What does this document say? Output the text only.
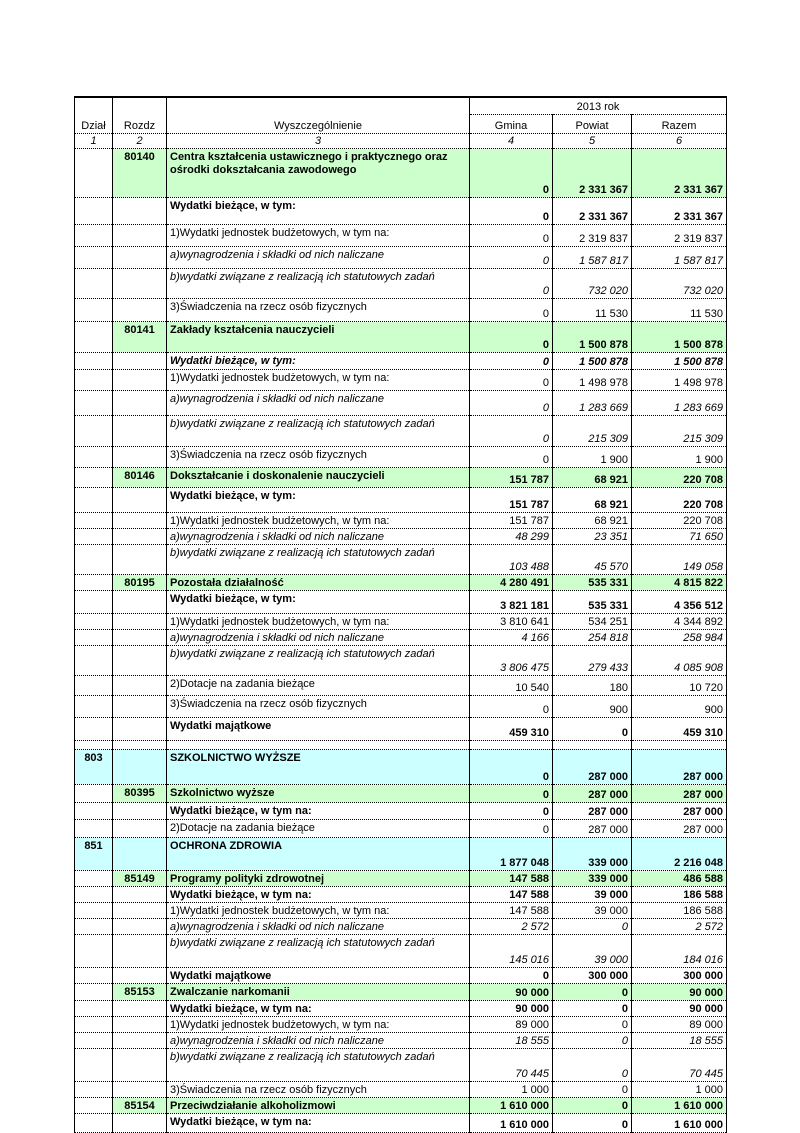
			2013 rok		
Dział	Rozdz	Wyszczególnienie	Gmina	Powiat	Razem
1	2	3	4	5	6
	80140	Centra kształcenia ustawicznego i praktycznego oraz ośrodki dokształcania zawodowego	0	2 331 367	2 331 367
		Wydatki bieżące, w tym:	0	2 331 367	2 331 367
		1)Wydatki jednostek budżetowych, w tym na:	0	2 319 837	2 319 837
		a)wynagrodzenia i składki od nich naliczane	0	1 587 817	1 587 817
		b)wydatki związane z realizacją ich statutowych zadań	0	732 020	732 020
		3)Świadczenia na rzecz osób fizycznych	0	11 530	11 530
	80141	Zakłady kształcenia nauczycieli	0	1 500 878	1 500 878
		Wydatki bieżące, w tym:	0	1 500 878	1 500 878
		1)Wydatki jednostek budżetowych, w tym na:	0	1 498 978	1 498 978
		a)wynagrodzenia i składki od nich naliczane	0	1 283 669	1 283 669
		b)wydatki związane z realizacją ich statutowych zadań	0	215 309	215 309
		3)Świadczenia na rzecz osób fizycznych	0	1 900	1 900
	80146	Dokształcanie i doskonalenie nauczycieli	151 787	68 921	220 708
		Wydatki bieżące, w tym:	151 787	68 921	220 708
		1)Wydatki jednostek budżetowych, w tym na:	151 787	68 921	220 708
		a)wynagrodzenia i składki od nich naliczane	48 299	23 351	71 650
		b)wydatki związane z realizacją ich statutowych zadań	103 488	45 570	149 058
	80195	Pozostała działalność	4 280 491	535 331	4 815 822
		Wydatki bieżące, w tym:	3 821 181	535 331	4 356 512
		1)Wydatki jednostek budżetowych, w tym na:	3 810 641	534 251	4 344 892
		a)wynagrodzenia i składki od nich naliczane	4 166	254 818	258 984
		b)wydatki związane z realizacją ich statutowych zadań	3 806 475	279 433	4 085 908
		2)Dotacje na zadania bieżące	10 540	180	10 720
		3)Świadczenia na rzecz osób fizycznych	0	900	900
		Wydatki majątkowe	459 310	0	459 310

803		SZKOLNICTWO WYŻSZE	0	287 000	287 000
	80395	Szkolnictwo wyższe	0	287 000	287 000
		Wydatki bieżące, w tym na:	0	287 000	287 000
		2)Dotacje na zadania bieżące	0	287 000	287 000
851		OCHRONA ZDROWIA	1 877 048	339 000	2 216 048
	85149	Programy polityki zdrowotnej	147 588	339 000	486 588
		Wydatki bieżące, w tym na:	147 588	39 000	186 588
		1)Wydatki jednostek budżetowych, w tym na:	147 588	39 000	186 588
		a)wynagrodzenia i składki od nich naliczane	2 572	0	2 572
		b)wydatki związane z realizacją ich statutowych zadań	145 016	39 000	184 016
		Wydatki majątkowe	0	300 000	300 000
	85153	Zwalczanie narkomanii	90 000	0	90 000
		Wydatki bieżące, w tym na:	90 000	0	90 000
		1)Wydatki jednostek budżetowych, w tym na:	89 000	0	89 000
		a)wynagrodzenia i składki od nich naliczane	18 555	0	18 555
		b)wydatki związane z realizacją ich statutowych zadań	70 445	0	70 445
		3)Świadczenia na rzecz osób fizycznych	1 000	0	1 000
	85154	Przeciwdziałanie alkoholizmowi	1 610 000	0	1 610 000
		Wydatki bieżące, w tym na:	1 610 000	0	1 610 000
